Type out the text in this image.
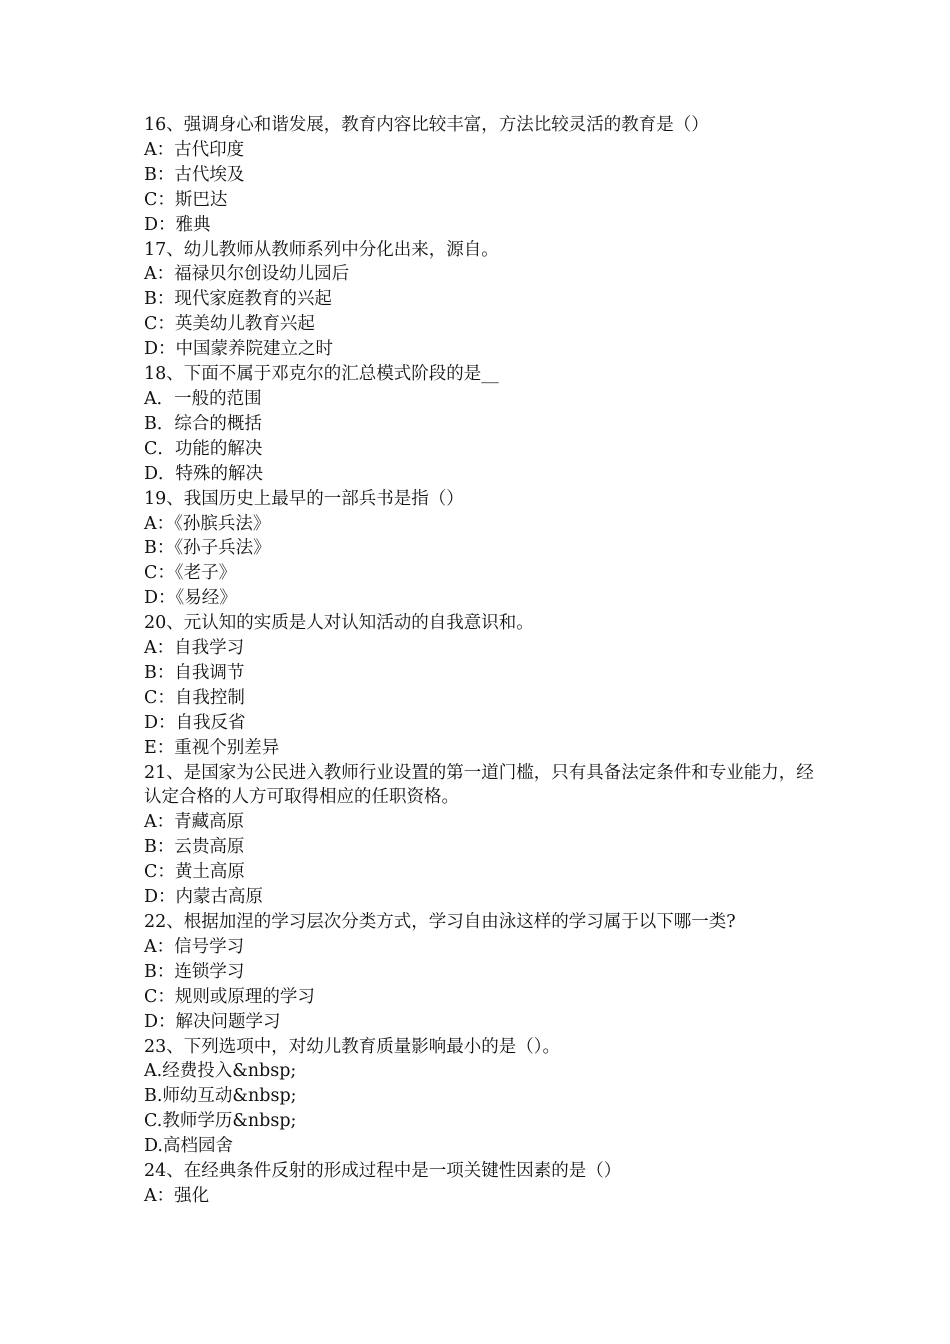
16、强调身心和谐发展，教育内容比较丰富，方法比较灵活的教育是（）
A：古代印度
B：古代埃及
C：斯巴达
D：雅典
17、幼儿教师从教师系列中分化出来，源自。
A：福禄贝尔创设幼儿园后
B：现代家庭教育的兴起
C：英美幼儿教育兴起
D：中国蒙养院建立之时
18、下面不属于邓克尔的汇总模式阶段的是__
A．一般的范围
B．综合的概括
C．功能的解决
D．特殊的解决
19、我国历史上最早的一部兵书是指（）
A：《孙膑兵法》
B：《孙子兵法》
C：《老子》
D：《易经》
20、元认知的实质是人对认知活动的自我意识和。
A：自我学习
B：自我调节
C：自我控制
D：自我反省
E：重视个别差异
21、是国家为公民进入教师行业设置的第一道门槛，只有具备法定条件和专业能力，经认定合格的人方可取得相应的任职资格。
A：青藏高原
B：云贵高原
C：黄土高原
D：内蒙古高原
22、根据加涅的学习层次分类方式，学习自由泳这样的学习属于以下哪一类?
A：信号学习
B：连锁学习
C：规则或原理的学习
D：解决问题学习
23、下列选项中，对幼儿教育质量影响最小的是（）。
A.经费投入&nbsp;
B.师幼互动&nbsp;
C.教师学历&nbsp;
D.高档园舍
24、在经典条件反射的形成过程中是一项关键性因素的是（）
A：强化
